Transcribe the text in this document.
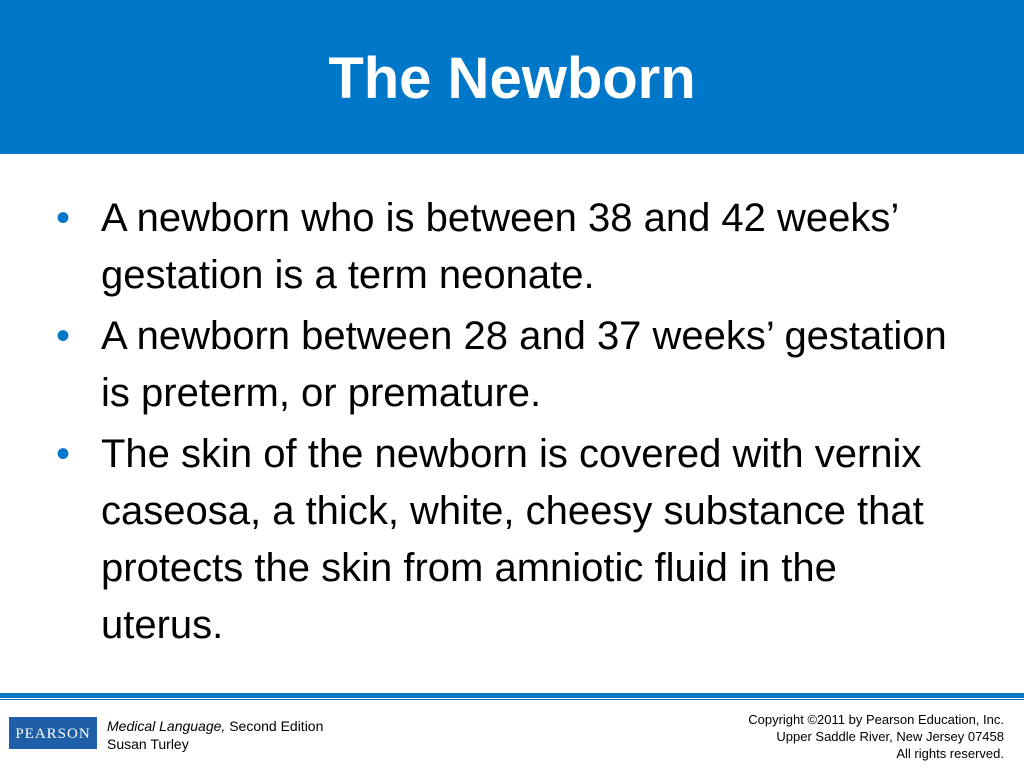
The Newborn
• A newborn who is between 38 and 42 weeks’ gestation is a term neonate.
• A newborn between 28 and 37 weeks’ gestation is preterm, or premature.
• The skin of the newborn is covered with vernix caseosa, a thick, white, cheesy substance that protects the skin from amniotic fluid in the uterus.
PEARSON	Medical Language, Second Edition
Susan Turley
Copyright ©2011 by Pearson Education, Inc.
Upper Saddle River, New Jersey 07458
All rights reserved.
